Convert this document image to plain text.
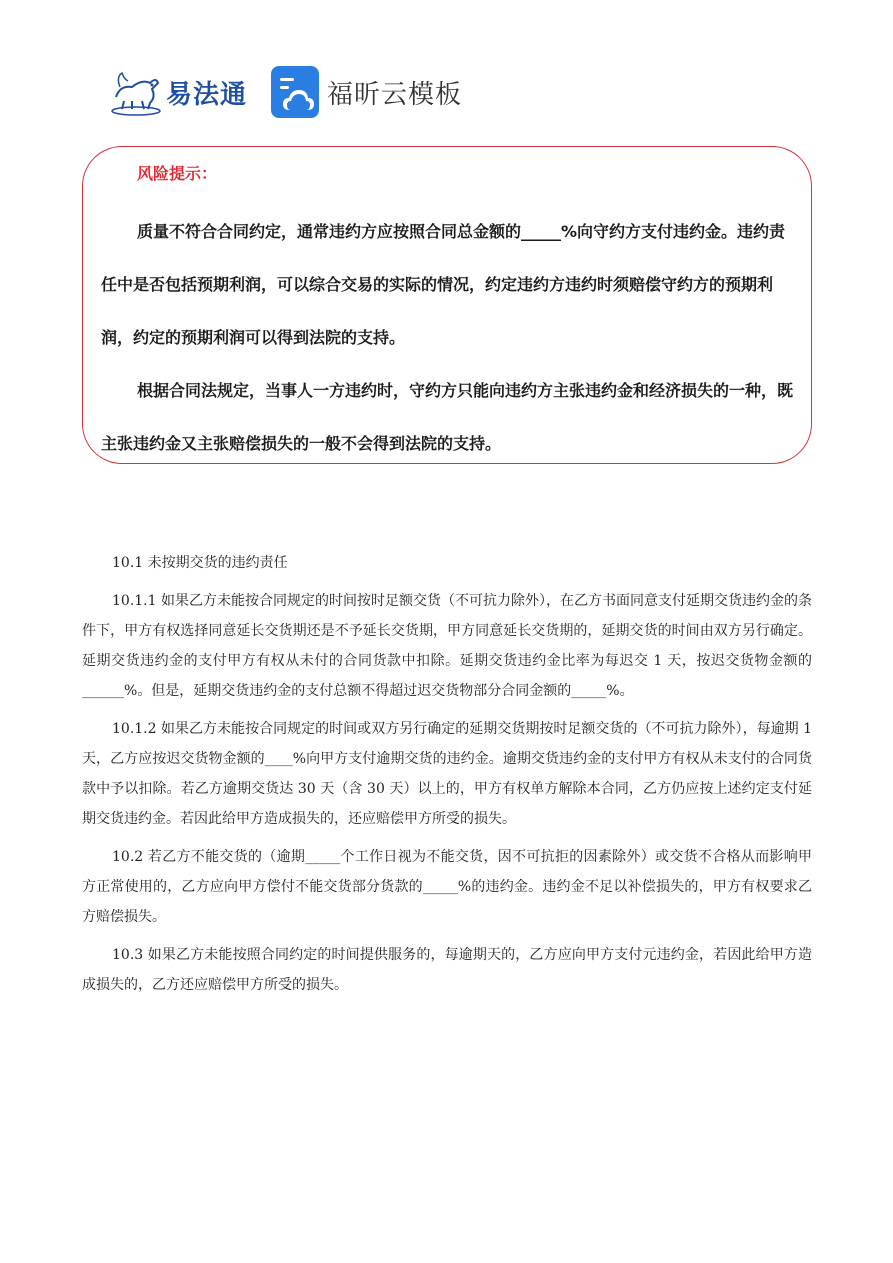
易法通	福昕云模板
风险提示：

质量不符合合同约定，通常违约方应按照合同总金额的_____%向守约方支付违约金。违约责任中是否包括预期利润，可以综合交易的实际的情况，约定违约方违约时须赔偿守约方的预期利润，约定的预期利润可以得到法院的支持。

根据合同法规定，当事人一方违约时，守约方只能向违约方主张违约金和经济损失的一种，既主张违约金又主张赔偿损失的一般不会得到法院的支持。

10.1 未按期交货的违约责任

10.1.1 如果乙方未能按合同规定的时间按时足额交货（不可抗力除外），在乙方书面同意支付延期交货违约金的条件下，甲方有权选择同意延长交货期还是不予延长交货期，甲方同意延长交货期的，延期交货的时间由双方另行确定。延期交货违约金的支付甲方有权从未付的合同货款中扣除。延期交货违约金比率为每迟交 1 天，按迟交货物金额的______%。但是，延期交货违约金的支付总额不得超过迟交货物部分合同金额的_____%。

10.1.2 如果乙方未能按合同规定的时间或双方另行确定的延期交货期按时足额交货的（不可抗力除外），每逾期 1 天，乙方应按迟交货物金额的____%向甲方支付逾期交货的违约金。逾期交货违约金的支付甲方有权从未支付的合同货款中予以扣除。若乙方逾期交货达 30 天（含 30 天）以上的，甲方有权单方解除本合同，乙方仍应按上述约定支付延期交货违约金。若因此给甲方造成损失的，还应赔偿甲方所受的损失。

10.2 若乙方不能交货的（逾期_____个工作日视为不能交货，因不可抗拒的因素除外）或交货不合格从而影响甲方正常使用的，乙方应向甲方偿付不能交货部分货款的_____%的违约金。违约金不足以补偿损失的，甲方有权要求乙方赔偿损失。

10.3 如果乙方未能按照合同约定的时间提供服务的，每逾期天的，乙方应向甲方支付元违约金，若因此给甲方造成损失的，乙方还应赔偿甲方所受的损失。
